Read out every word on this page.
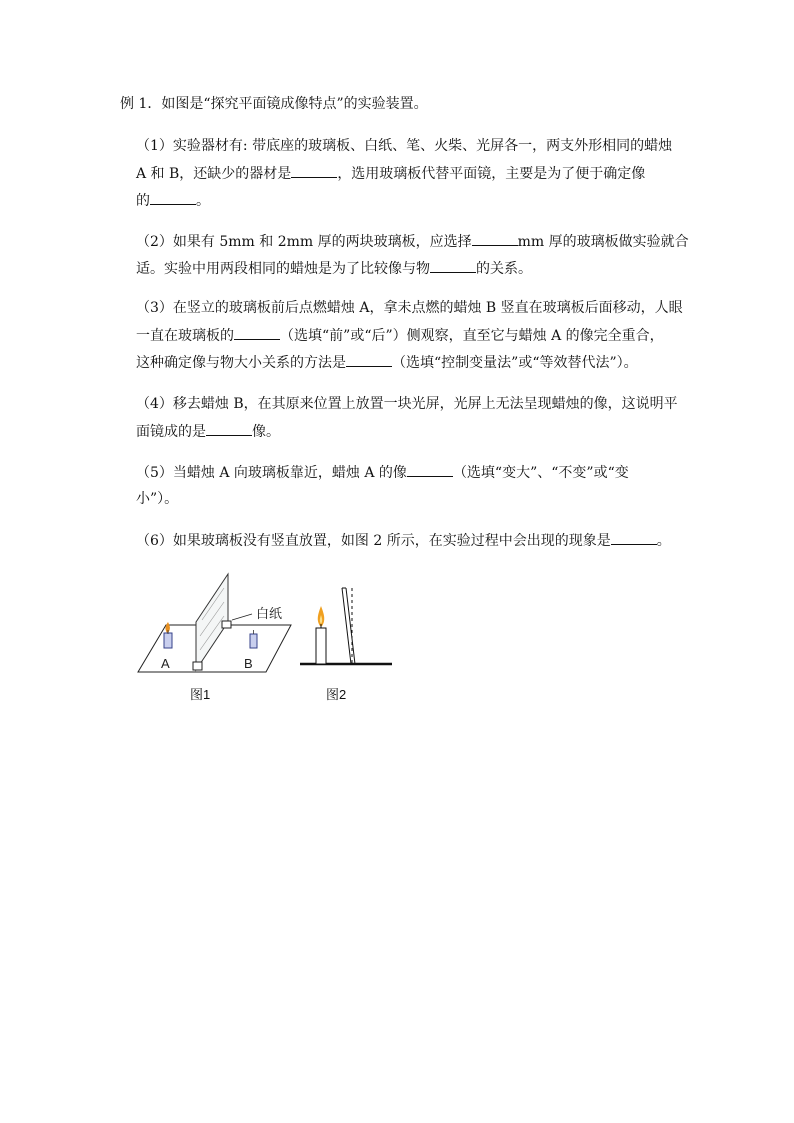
例 1．如图是“探究平面镜成像特点”的实验装置。
（1）实验器材有: 带底座的玻璃板、白纸、笔、火柴、光屏各一，两支外形相同的蜡烛
A 和 B，还缺少的器材是	，选用玻璃板代替平面镜，主要是为了便于确定像
的	。
（2）如果有 5mm 和 2mm 厚的两块玻璃板，应选择	mm 厚的玻璃板做实验就合
适。实验中用两段相同的蜡烛是为了比较像与物	的关系。
（3）在竖立的玻璃板前后点燃蜡烛 A，拿未点燃的蜡烛 B 竖直在玻璃板后面移动，人眼
一直在玻璃板的	（选填“前”或“后”）侧观察，直至它与蜡烛 A 的像完全重合，
这种确定像与物大小关系的方法是	（选填“控制变量法”或“等效替代法”）。
（4）移去蜡烛 B，在其原来位置上放置一块光屏，光屏上无法呈现蜡烛的像，这说明平
面镜成的是	像。
（5）当蜡烛 A 向玻璃板靠近，蜡烛 A 的像	（选填“变大”、“不变”或“变
小”）。
（6）如果玻璃板没有竖直放置，如图 2 所示，在实验过程中会出现的现象是	。
白纸
A	B
图1	图2
